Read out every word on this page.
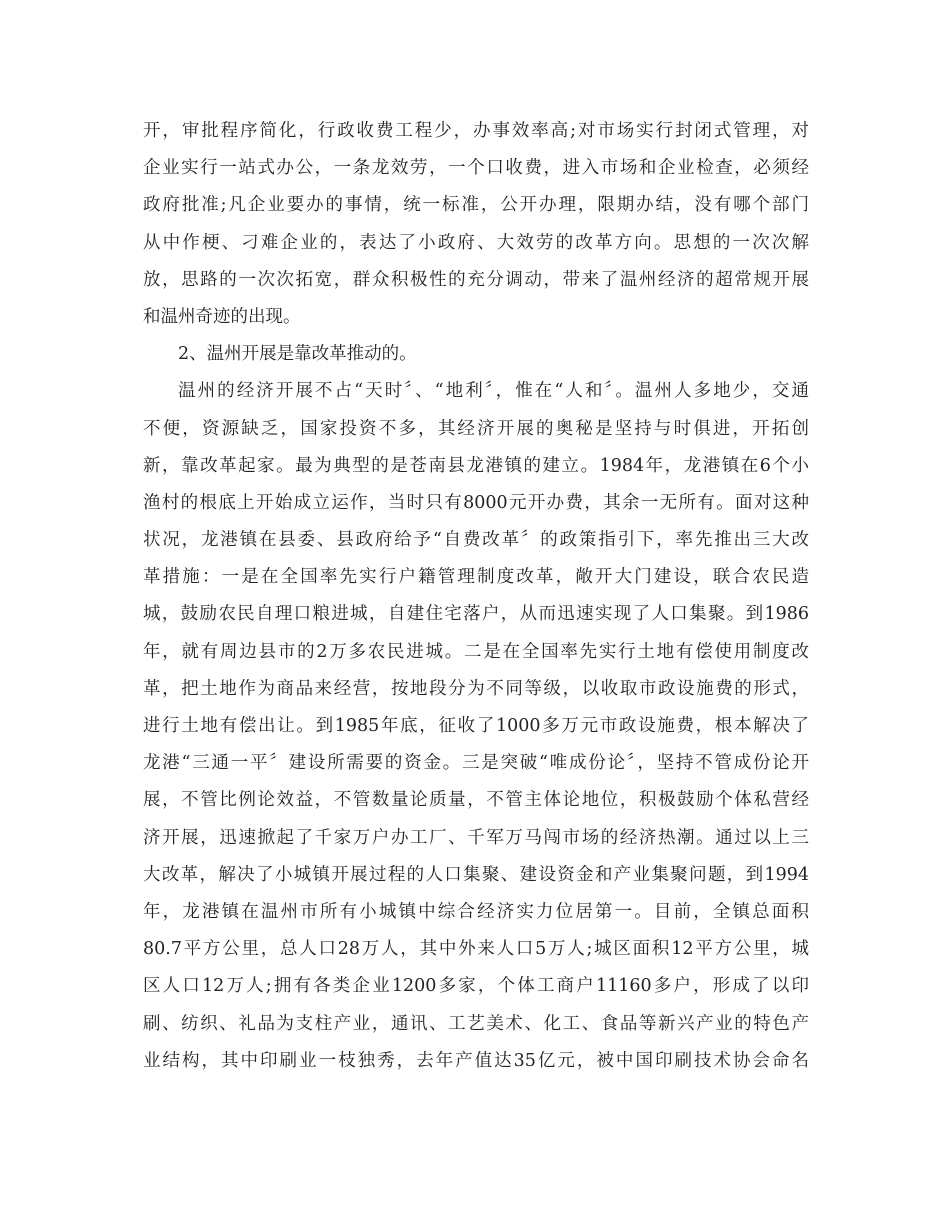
开，审批程序简化，行政收费工程少，办事效率高;对市场实行封闭式管理，对
企业实行一站式办公，一条龙效劳，一个口收费，进入市场和企业检查，必须经
政府批准;凡企业要办的事情，统一标准，公开办理，限期办结，没有哪个部门
从中作梗、刁难企业的，表达了小政府、大效劳的改革方向。思想的一次次解
放，思路的一次次拓宽，群众积极性的充分调动，带来了温州经济的超常规开展
和温州奇迹的出现。
2、温州开展是靠改革推动的。
温州的经济开展不占“天时〞、“地利〞，惟在“人和〞。温州人多地少，交通
不便，资源缺乏，国家投资不多，其经济开展的奥秘是坚持与时俱进，开拓创
新，靠改革起家。最为典型的是苍南县龙港镇的建立。1984年，龙港镇在6个小
渔村的根底上开始成立运作，当时只有8000元开办费，其余一无所有。面对这种
状况，龙港镇在县委、县政府给予“自费改革〞的政策指引下，率先推出三大改
革措施：一是在全国率先实行户籍管理制度改革，敞开大门建设，联合农民造
城，鼓励农民自理口粮进城，自建住宅落户，从而迅速实现了人口集聚。到1986
年，就有周边县市的2万多农民进城。二是在全国率先实行土地有偿使用制度改
革，把土地作为商品来经营，按地段分为不同等级，以收取市政设施费的形式，
进行土地有偿出让。到1985年底，征收了1000多万元市政设施费，根本解决了
龙港“三通一平〞建设所需要的资金。三是突破“唯成份论〞，坚持不管成份论开
展，不管比例论效益，不管数量论质量，不管主体论地位，积极鼓励个体私营经
济开展，迅速掀起了千家万户办工厂、千军万马闯市场的经济热潮。通过以上三
大改革，解决了小城镇开展过程的人口集聚、建设资金和产业集聚问题，到1994
年，龙港镇在温州市所有小城镇中综合经济实力位居第一。目前，全镇总面积
80.7平方公里，总人口28万人，其中外来人口5万人;城区面积12平方公里，城
区人口12万人;拥有各类企业1200多家，个体工商户11160多户，形成了以印
刷、纺织、礼品为支柱产业，通讯、工艺美术、化工、食品等新兴产业的特色产
业结构，其中印刷业一枝独秀，去年产值达35亿元，被中国印刷技术协会命名
